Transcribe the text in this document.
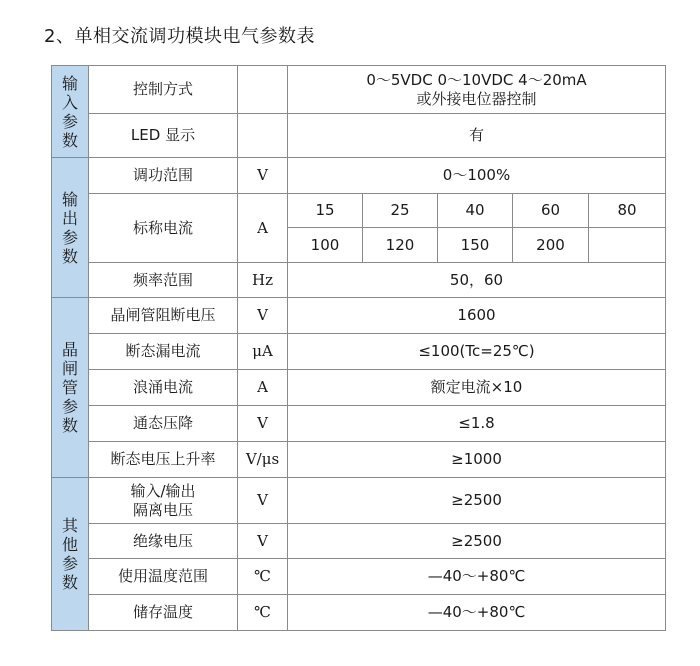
2、单相交流调功模块电气参数表
输入参数	控制方式		0～5VDC 0～10VDC 4～20mA
或外接电位器控制				

	LED 显示		有				
输出参数	调功范围	V	0～100%				
	标称电流	A	15	25	40	60	80
			100	120	150	200	
	频率范围	Hz	50，60				
晶闸管参数	晶闸管阻断电压	V	1600				
	断态漏电流	μA	≤100(Tc=25℃)				
	浪涌电流	A	额定电流×10				
	通态压降	V	≤1.8				
	断态电压上升率	V/μs	≥1000				
其他参数	输入/输出
隔离电压	V	≥2500				
	绝缘电压	V	≥2500				
	使用温度范围	℃	—40～+80℃				
	储存温度	℃	—40～+80℃				
